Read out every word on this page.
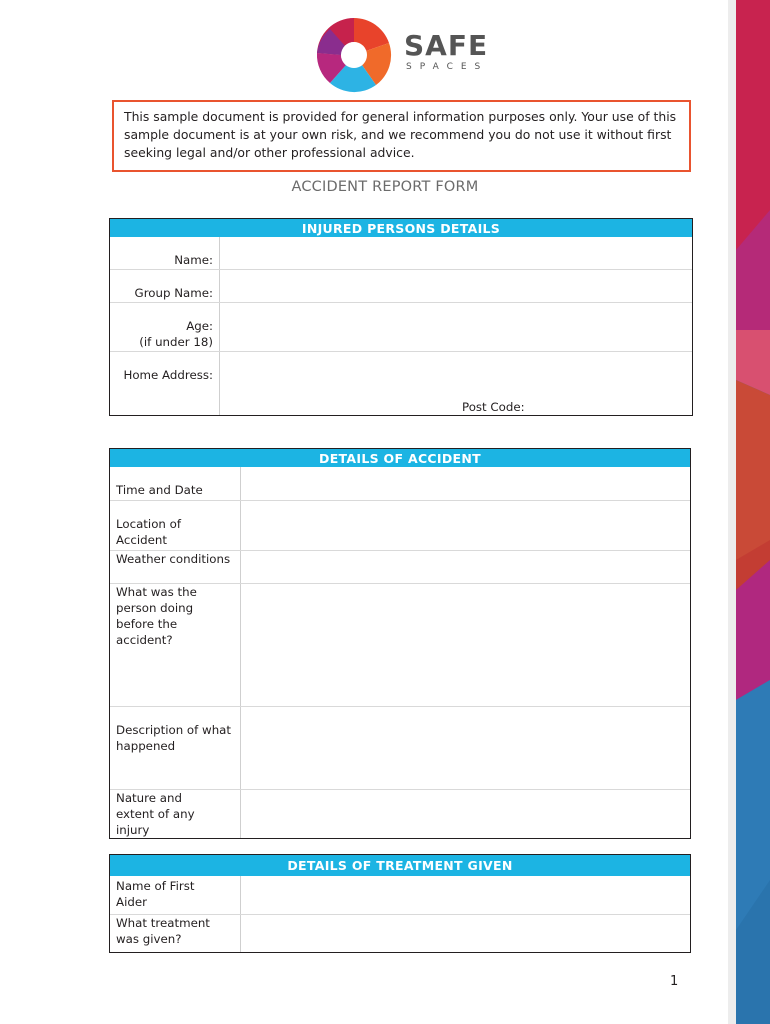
SAFE
SPACES
This sample document is provided for general information purposes only. Your use of this sample document is at your own risk, and we recommend you do not use it without first seeking legal and/or other professional advice.
ACCIDENT REPORT FORM
INJURED PERSONS DETAILS
Name:
Group Name:
Age:
(if under 18)
Home Address:
Post Code:
DETAILS OF ACCIDENT
Time and Date
Location of Accident
Weather conditions
What was the person doing before the accident?
Description of what happened
Nature and extent of any injury
DETAILS OF TREATMENT GIVEN
Name of First Aider
What treatment was given?
1
